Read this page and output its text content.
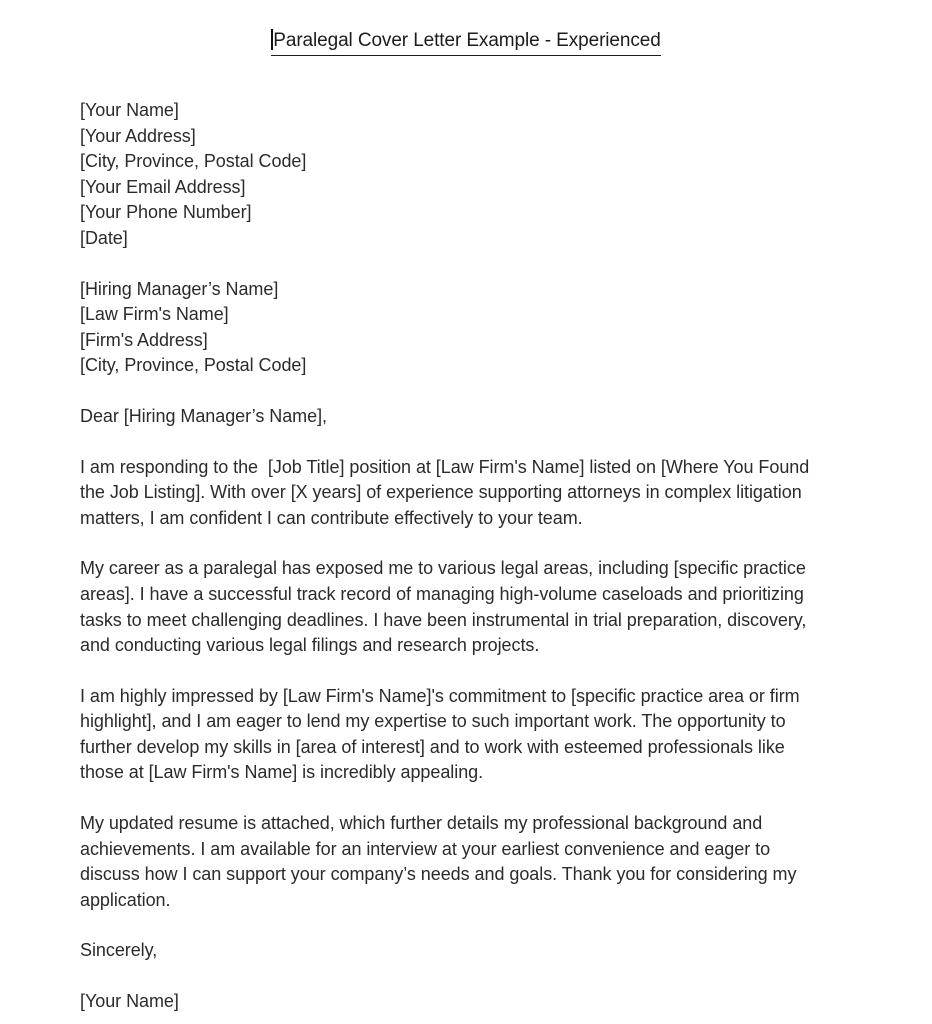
Paralegal Cover Letter Example - Experienced
[Your Name]
[Your Address]
[City, Province, Postal Code]
[Your Email Address]
[Your Phone Number]
[Date]
[Hiring Manager’s Name]
[Law Firm's Name]
[Firm's Address]
[City, Province, Postal Code]
Dear [Hiring Manager’s Name],

I am responding to the  [Job Title] position at [Law Firm's Name] listed on [Where You Found the Job Listing]. With over [X years] of experience supporting attorneys in complex litigation matters, I am confident I can contribute effectively to your team.

My career as a paralegal has exposed me to various legal areas, including [specific practice areas]. I have a successful track record of managing high-volume caseloads and prioritizing tasks to meet challenging deadlines. I have been instrumental in trial preparation, discovery, and conducting various legal filings and research projects.

I am highly impressed by [Law Firm's Name]'s commitment to [specific practice area or firm highlight], and I am eager to lend my expertise to such important work. The opportunity to further develop my skills in [area of interest] and to work with esteemed professionals like those at [Law Firm's Name] is incredibly appealing.

My updated resume is attached, which further details my professional background and achievements. I am available for an interview at your earliest convenience and eager to discuss how I can support your company’s needs and goals. Thank you for considering my application.

Sincerely,
[Your Name]
